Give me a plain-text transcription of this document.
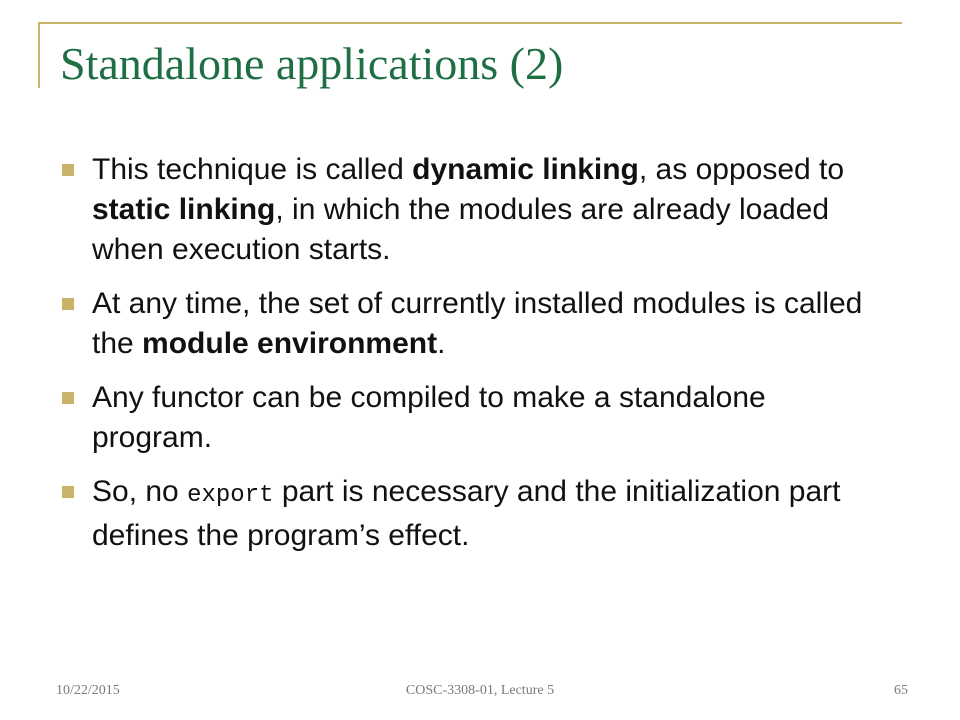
Standalone applications (2)
This technique is called dynamic linking, as opposed to static linking, in which the modules are already loaded when execution starts.
At any time, the set of currently installed modules is called the module environment.
Any functor can be compiled to make a standalone program.
So, no export part is necessary and the initialization part defines the program’s effect.
10/22/2015	COSC-3308-01, Lecture 5	65
